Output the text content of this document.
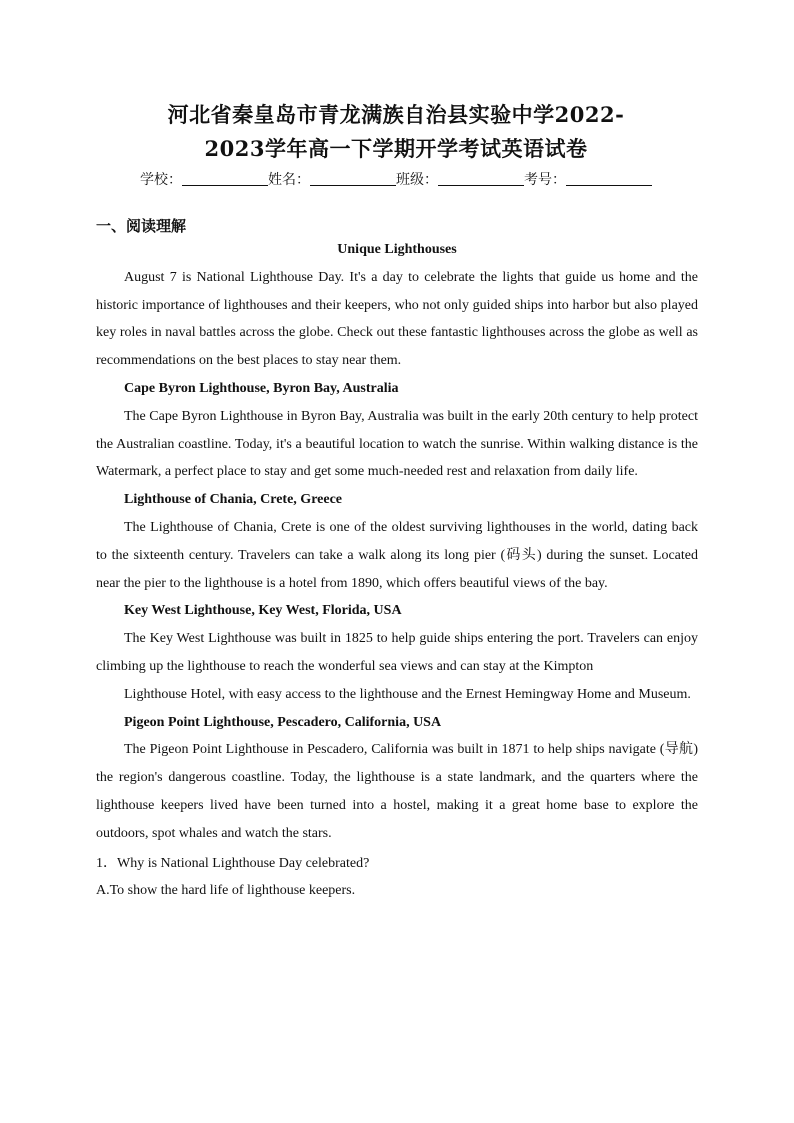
河北省秦皇岛市青龙满族自治县实验中学2022-
2023学年高一下学期开学考试英语试卷
学校：	姓名：	班级：	考号：
一、阅读理解

Unique Lighthouses

August 7 is National Lighthouse Day. It's a day to celebrate the lights that guide us home and the historic importance of lighthouses and their keepers, who not only guided ships into harbor but also played key roles in naval battles across the globe. Check out these fantastic lighthouses across the globe as well as recommendations on the best places to stay near them.

Cape Byron Lighthouse, Byron Bay, Australia

The Cape Byron Lighthouse in Byron Bay, Australia was built in the early 20th century to help protect the Australian coastline. Today, it's a beautiful location to watch the sunrise. Within walking distance is the Watermark, a perfect place to stay and get some much-needed rest and relaxation from daily life.

Lighthouse of Chania, Crete, Greece

The Lighthouse of Chania, Crete is one of the oldest surviving lighthouses in the world, dating back to the sixteenth century. Travelers can take a walk along its long pier (码头) during the sunset. Located near the pier to the lighthouse is a hotel from 1890, which offers beautiful views of the bay.

Key West Lighthouse, Key West, Florida, USA

The Key West Lighthouse was built in 1825 to help guide ships entering the port. Travelers can enjoy climbing up the lighthouse to reach the wonderful sea views and can stay at the Kimpton

Lighthouse Hotel, with easy access to the lighthouse and the Ernest Hemingway Home and Museum.

Pigeon Point Lighthouse, Pescadero, California, USA

The Pigeon Point Lighthouse in Pescadero, California was built in 1871 to help ships navigate (导航) the region's dangerous coastline. Today, the lighthouse is a state landmark, and the quarters where the lighthouse keepers lived have been turned into a hostel, making it a great home base to explore the outdoors, spot whales and watch the stars.

1．Why is National Lighthouse Day celebrated?

A.To show the hard life of lighthouse keepers.
